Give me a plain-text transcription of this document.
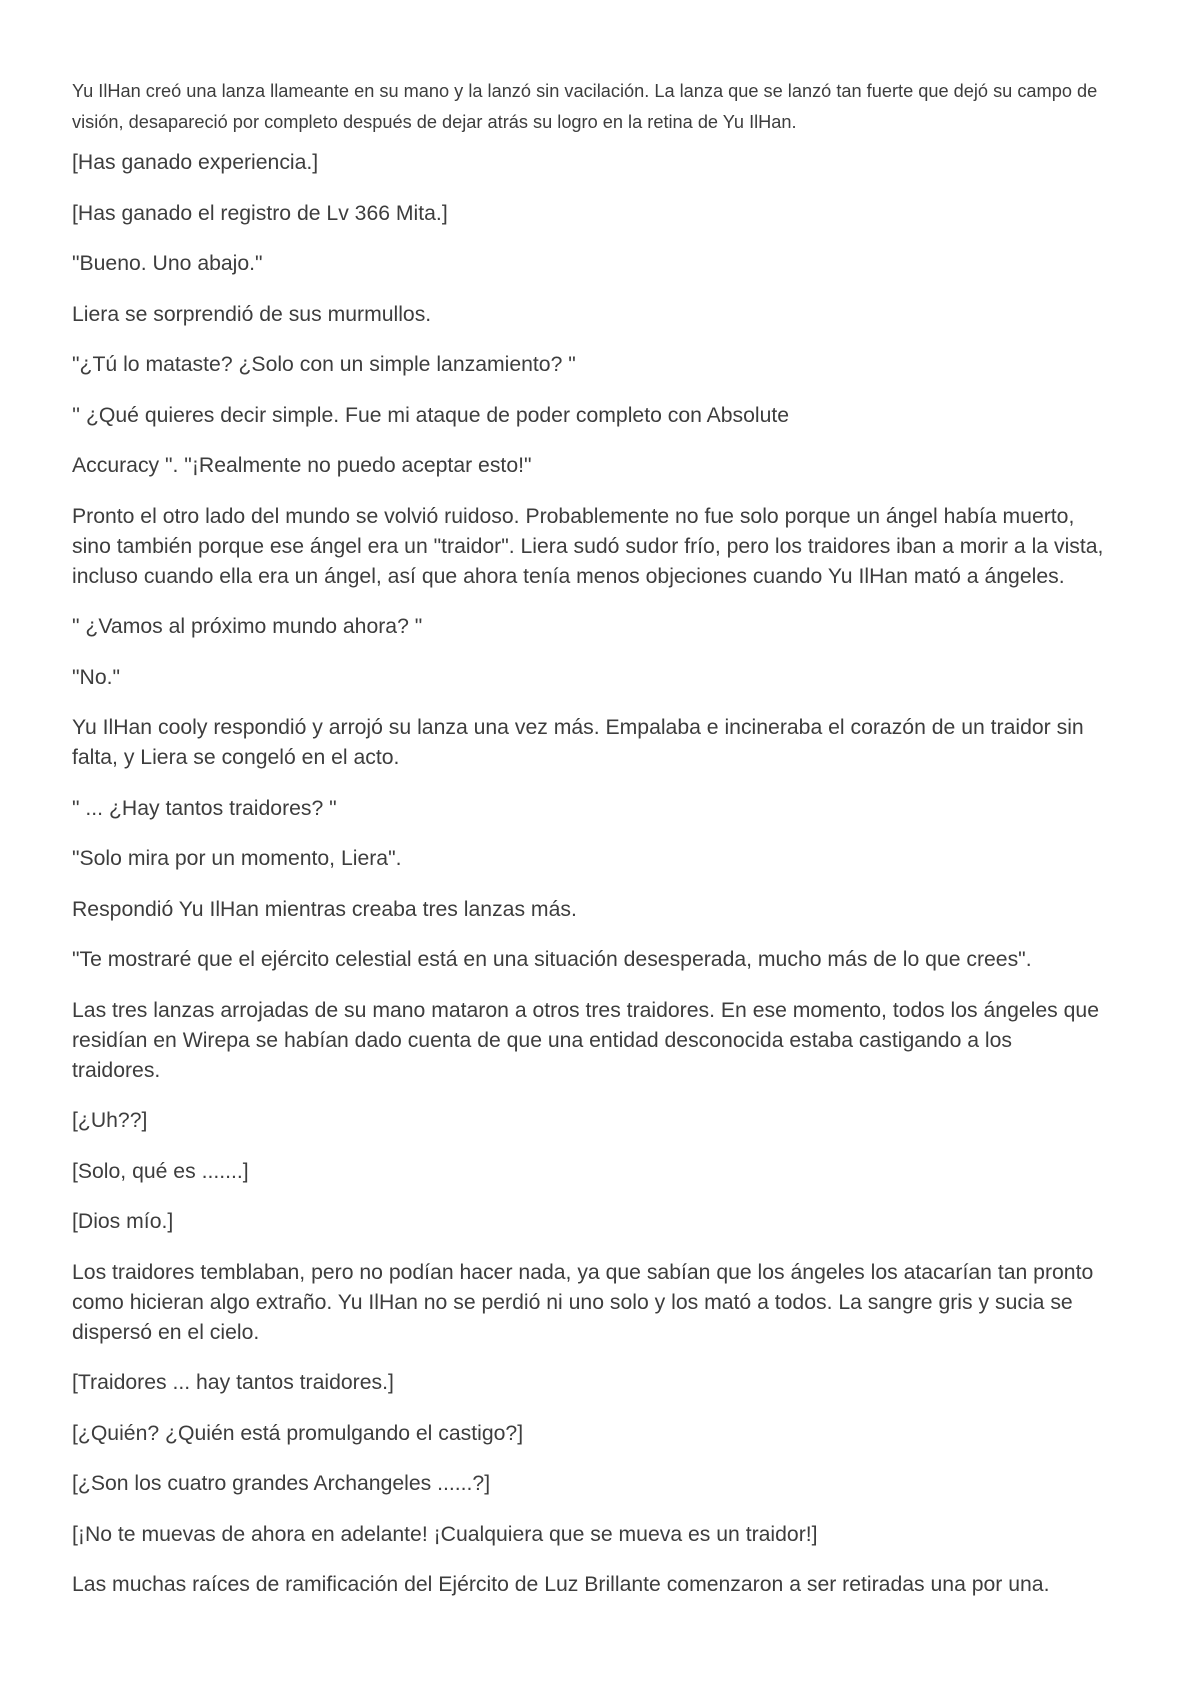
Yu IlHan creó una lanza llameante en su mano y la lanzó sin vacilación. La lanza que se lanzó tan fuerte que dejó su campo de visión, desapareció por completo después de dejar atrás su logro en la retina de Yu IlHan.

[Has ganado experiencia.]

[Has ganado el registro de Lv 366 Mita.]

"Bueno. Uno abajo."

Liera se sorprendió de sus murmullos.

"¿Tú lo mataste? ¿Solo con un simple lanzamiento? "

'' ¿Qué quieres decir simple. Fue mi ataque de poder completo con Absolute

Accuracy ". "¡Realmente no puedo aceptar esto!"

Pronto el otro lado del mundo se volvió ruidoso. Probablemente no fue solo porque un ángel había muerto, sino también porque ese ángel era un "traidor". Liera sudó sudor frío, pero los traidores iban a morir a la vista, incluso cuando ella era un ángel, así que ahora tenía menos objeciones cuando Yu IlHan mató a ángeles.

" ¿Vamos al próximo mundo ahora? "

"No."

Yu IlHan cooly respondió y arrojó su lanza una vez más. Empalaba e incineraba el corazón de un traidor sin falta, y Liera se congeló en el acto.

" ... ¿Hay tantos traidores? "

"Solo mira por un momento, Liera".

Respondió Yu IlHan mientras creaba tres lanzas más.

"Te mostraré que el ejército celestial está en una situación desesperada, mucho más de lo que crees".

Las tres lanzas arrojadas de su mano mataron a otros tres traidores. En ese momento, todos los ángeles que residían en Wirepa se habían dado cuenta de que una entidad desconocida estaba castigando a los traidores.

[¿Uh??]

[Solo, qué es .......]

[Dios mío.]

Los traidores temblaban, pero no podían hacer nada, ya que sabían que los ángeles los atacarían tan pronto como hicieran algo extraño. Yu IlHan no se perdió ni uno solo y los mató a todos. La sangre gris y sucia se dispersó en el cielo.

[Traidores ... hay tantos traidores.]

[¿Quién? ¿Quién está promulgando el castigo?]

[¿Son los cuatro grandes Archangeles ......?]

[¡No te muevas de ahora en adelante! ¡Cualquiera que se mueva es un traidor!]

Las muchas raíces de ramificación del Ejército de Luz Brillante comenzaron a ser retiradas una por una.
